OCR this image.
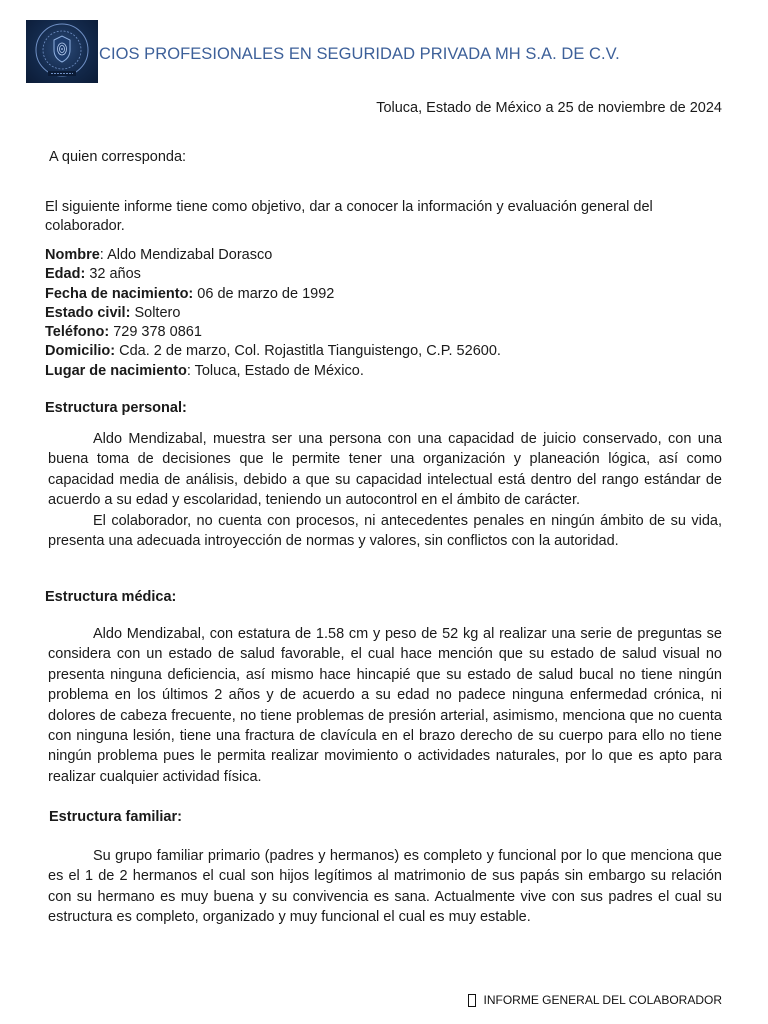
CIOS PROFESIONALES EN SEGURIDAD PRIVADA MH S.A. DE C.V.
Toluca, Estado de México a 25 de noviembre de 2024
A quien corresponda:
El siguiente informe tiene como objetivo, dar a conocer la información y evaluación general del colaborador.
Nombre: Aldo Mendizabal Dorasco
Edad: 32 años
Fecha de nacimiento: 06 de marzo de 1992
Estado civil: Soltero
Teléfono: 729 378 0861
Domicilio: Cda. 2 de marzo, Col. Rojastitla Tianguistengo, C.P. 52600.
Lugar de nacimiento: Toluca, Estado de México.
Estructura personal:

Aldo Mendizabal, muestra ser una persona con una capacidad de juicio conservado, con una buena toma de decisiones que le permite tener una organización y planeación lógica, así como capacidad media de análisis, debido a que su capacidad intelectual está dentro del rango estándar de acuerdo a su edad y escolaridad, teniendo un autocontrol en el ámbito de carácter.

El colaborador, no cuenta con procesos, ni antecedentes penales en ningún ámbito de su vida, presenta una adecuada introyección de normas y valores, sin conflictos con la autoridad.

Estructura médica:

Aldo Mendizabal, con estatura de 1.58 cm y peso de 52 kg al realizar una serie de preguntas se considera con un estado de salud favorable, el cual hace mención que su estado de salud visual no presenta ninguna deficiencia, así mismo hace hincapié que su estado de salud bucal no tiene ningún problema en los últimos 2 años y de acuerdo a su edad no padece ninguna enfermedad crónica, ni dolores de cabeza frecuente, no tiene problemas de presión arterial, asimismo, menciona que no cuenta con ninguna lesión, tiene una fractura de clavícula en el brazo derecho de su cuerpo para ello no tiene ningún problema pues le permita realizar movimiento o actividades naturales, por lo que es apto para realizar cualquier actividad física.

Estructura familiar:

Su grupo familiar primario (padres y hermanos) es completo y funcional por lo que menciona que es el 1 de 2 hermanos el cual son hijos legítimos al matrimonio de sus papás sin embargo su relación con su hermano es muy buena y su convivencia es sana. Actualmente vive con sus padres el cual su estructura es completo, organizado y muy funcional el cual es muy estable.

INFORME GENERAL DEL COLABORADOR
